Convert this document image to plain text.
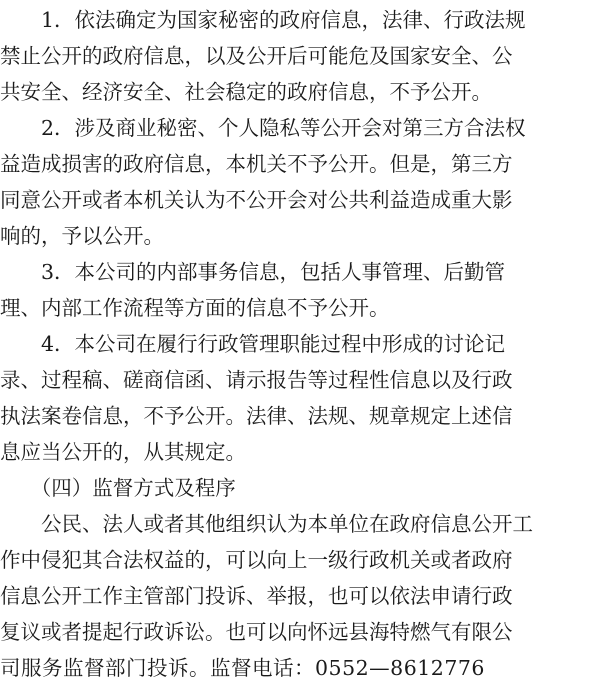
　　1．依法确定为国家秘密的政府信息，法律、行政法规
禁止公开的政府信息，以及公开后可能危及国家安全、公
共安全、经济安全、社会稳定的政府信息，不予公开。
　　2．涉及商业秘密、个人隐私等公开会对第三方合法权
益造成损害的政府信息，本机关不予公开。但是，第三方
同意公开或者本机关认为不公开会对公共利益造成重大影
响的，予以公开。
　　3．本公司的内部事务信息，包括人事管理、后勤管
理、内部工作流程等方面的信息不予公开。
　　4．本公司在履行行政管理职能过程中形成的讨论记
录、过程稿、磋商信函、请示报告等过程性信息以及行政
执法案卷信息，不予公开。法律、法规、规章规定上述信
息应当公开的，从其规定。
　　（四）监督方式及程序
　　公民、法人或者其他组织认为本单位在政府信息公开工
作中侵犯其合法权益的，可以向上一级行政机关或者政府
信息公开工作主管部门投诉、举报，也可以依法申请行政
复议或者提起行政诉讼。也可以向怀远县海特燃气有限公
司服务监督部门投诉。监督电话：0552—8612776
